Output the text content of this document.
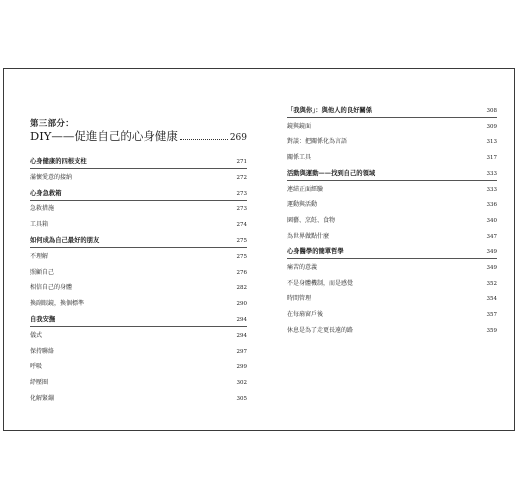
第三部分：
DIY——促進自己的心身健康	269
心身健康的四根支柱	271
滿懷愛意的接納	272
心身急救箱	273
急救措施	273
工具箱	274
如何成為自己最好的朋友	275
不理解	275
照顧自己	276
相信自己的身體	282
換副眼鏡，換個標準	290
自我安撫	294
儀式	294
保持聯絡	297
呼吸	299
紓壓圈	302
化解緊繃	305
「我與你」：與他人的良好關係	308
鏡與鏡面	309
對談：把關係化為言語	313
關係工具	317
活動與運動——找到自己的領域	333
連結正面經驗	333
運動與活動	336
園藝、烹飪、食物	340
為世界做點什麼	347
心身醫學的簡單哲學	349
痛苦的意義	349
不是身體機制，而是感覺	352
時間管理	354
在每扇窗戶後	357
休息是為了走更長遠的路	359
